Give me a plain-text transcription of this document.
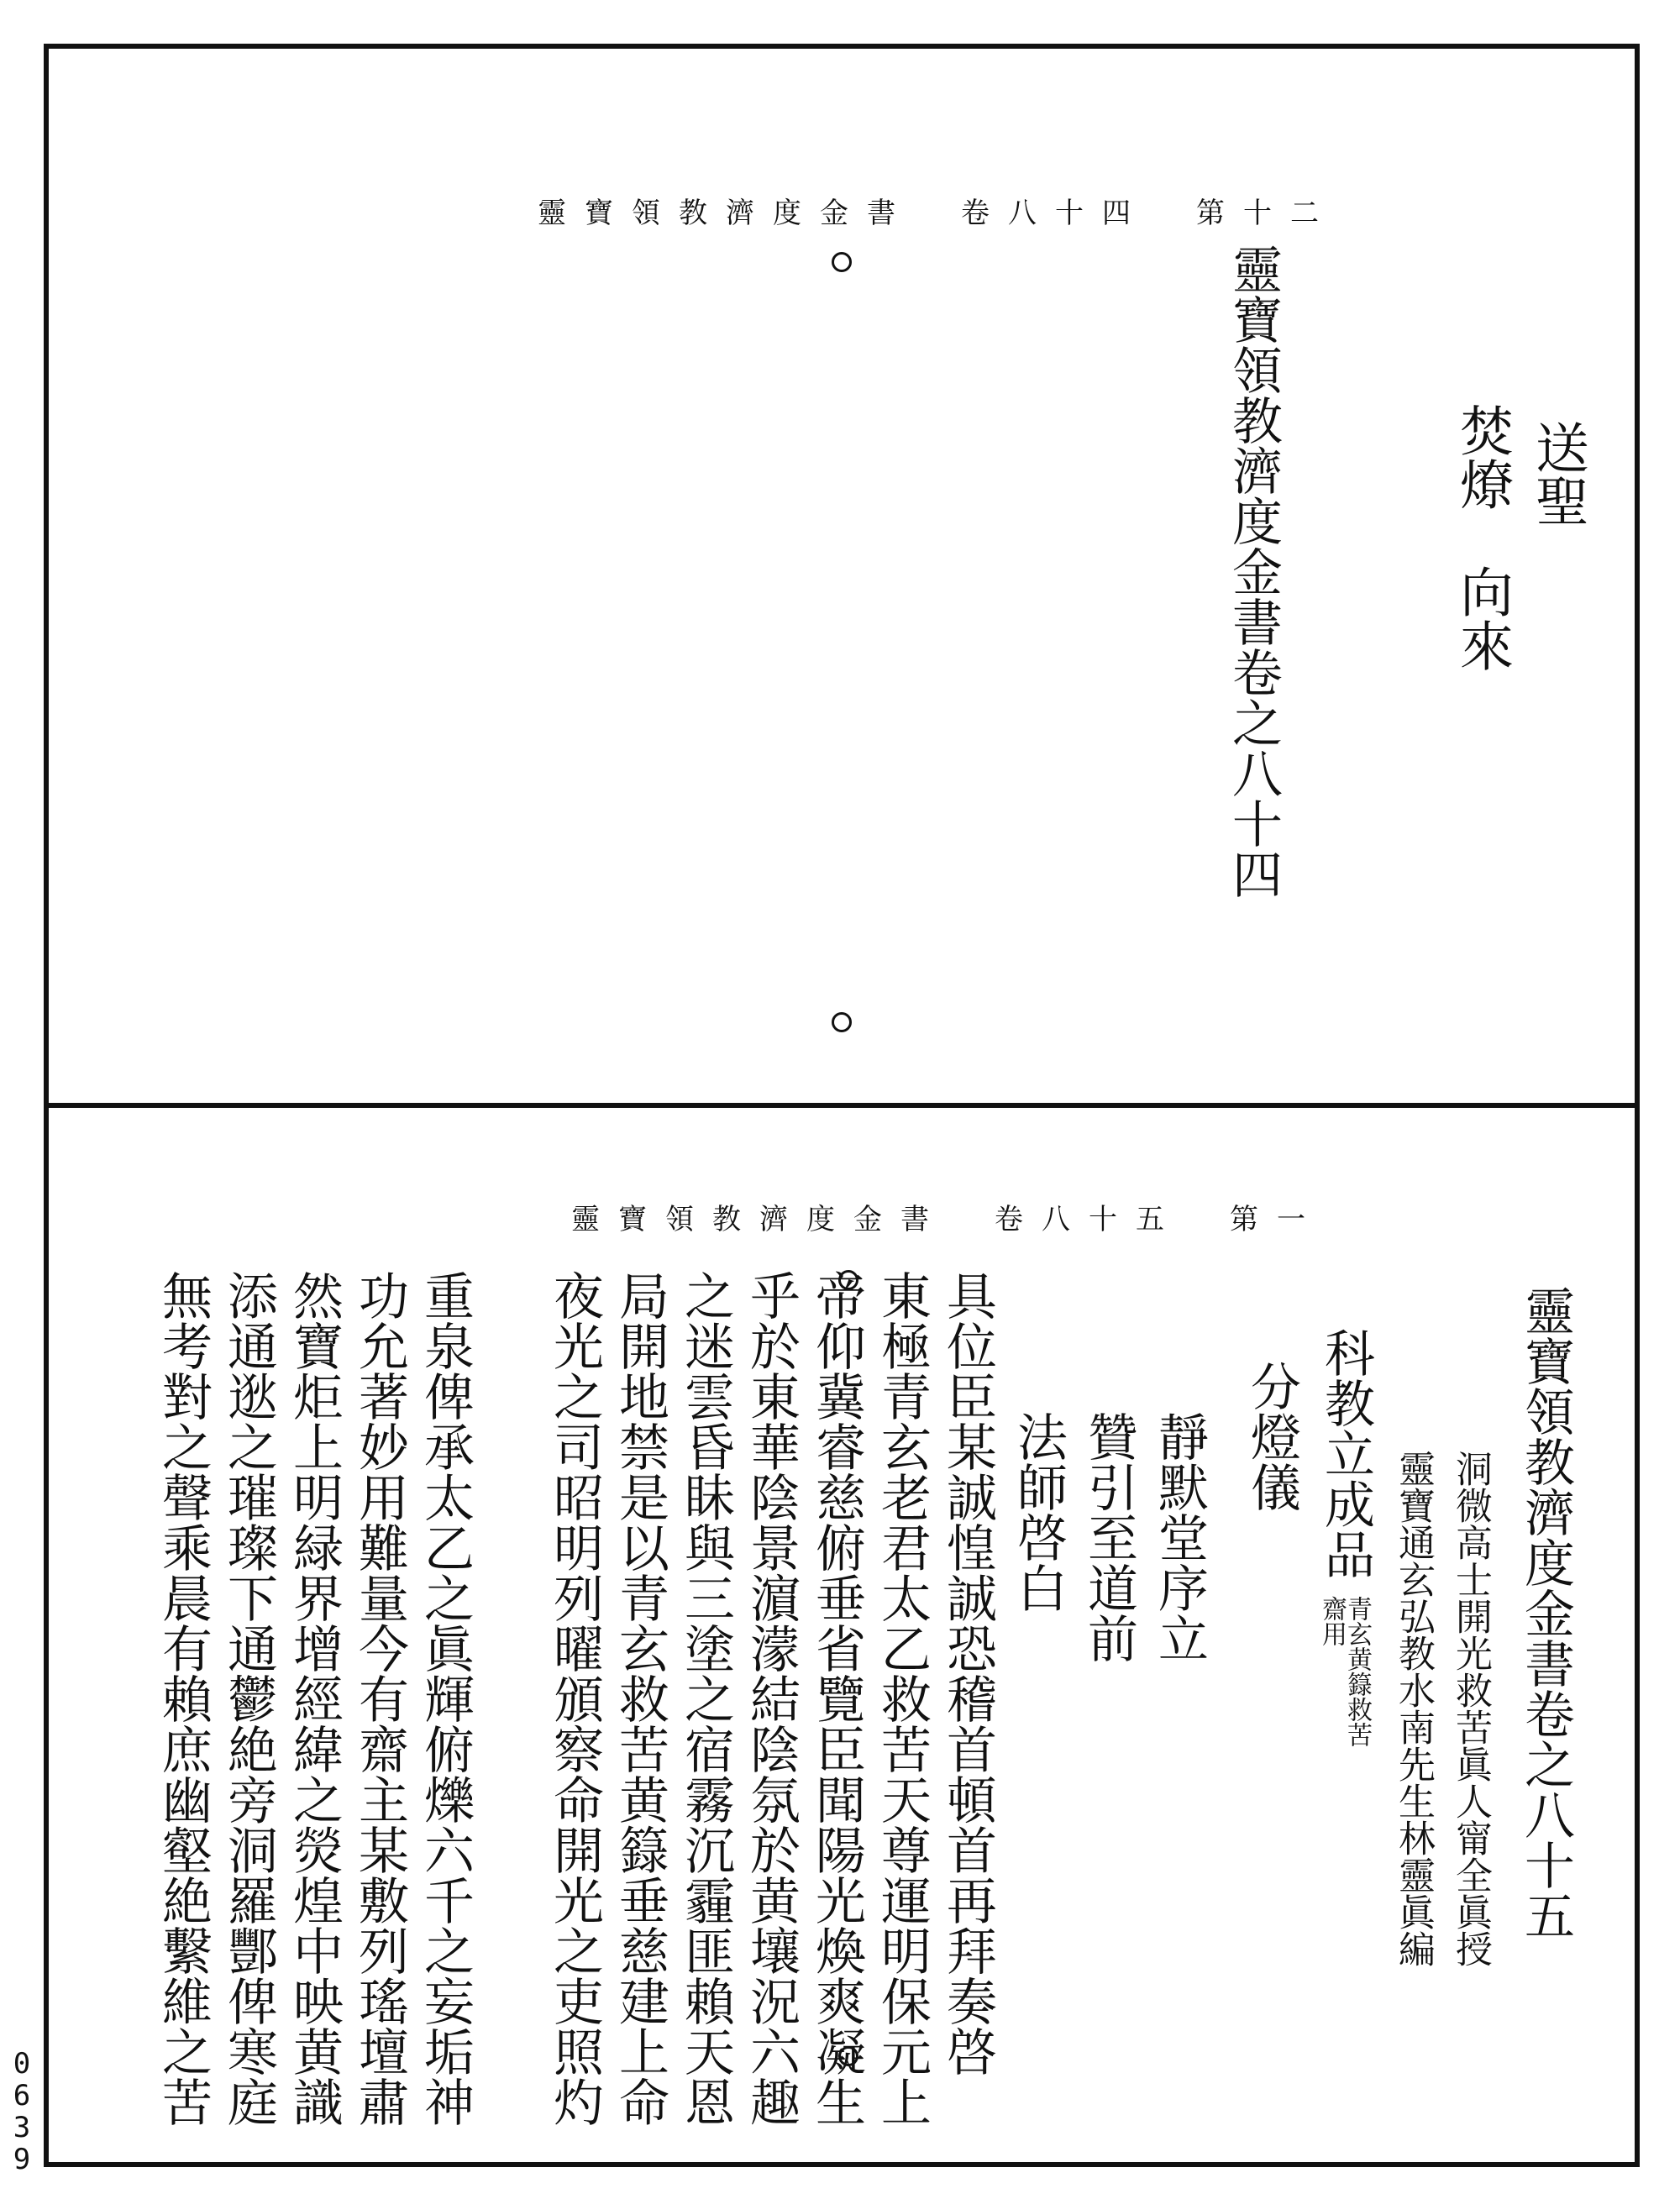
靈寶領教濟度金書　卷八十四　第十二
靈寶領教濟度金書卷之八十四	送聖
焚燎　向來
靈寶領教濟度金書　卷八十五　第一
靈寶領教濟度金書卷之八十五
洞微高士開光救苦眞人甯全眞授
靈寶通玄弘教水南先生林靈眞編
科教立成品
青玄黄籙救苦齋用
分燈儀
靜默堂序立
贊引至道前
法師啓白
具位臣某誠惶誠恐稽首頓首再拜奏啓
東極青玄老君太乙救苦天尊運明保元上
帝仰冀睿慈俯垂省覽臣聞陽光煥爽凝生
乎於東華陰景濵濛結陰氛於黄壤況六趣
之迷雲昏眛與三塗之宿霧沉霾匪賴天恩
局開地禁是以青玄救苦黄籙垂慈建上命
夜光之司昭明列曜頒察命開光之吏照灼
重泉俾承太乙之眞輝俯爍六千之妄垢神
功允著妙用難量今有齋主某敷列瑤壇肅
然寶炬上明緑界增經緯之熒煌中映黄識
添通逖之璀璨下通鬱絶旁洞羅酆俾寒庭
無考對之聲乘晨有賴庶幽壑絶繫維之苦
0639
